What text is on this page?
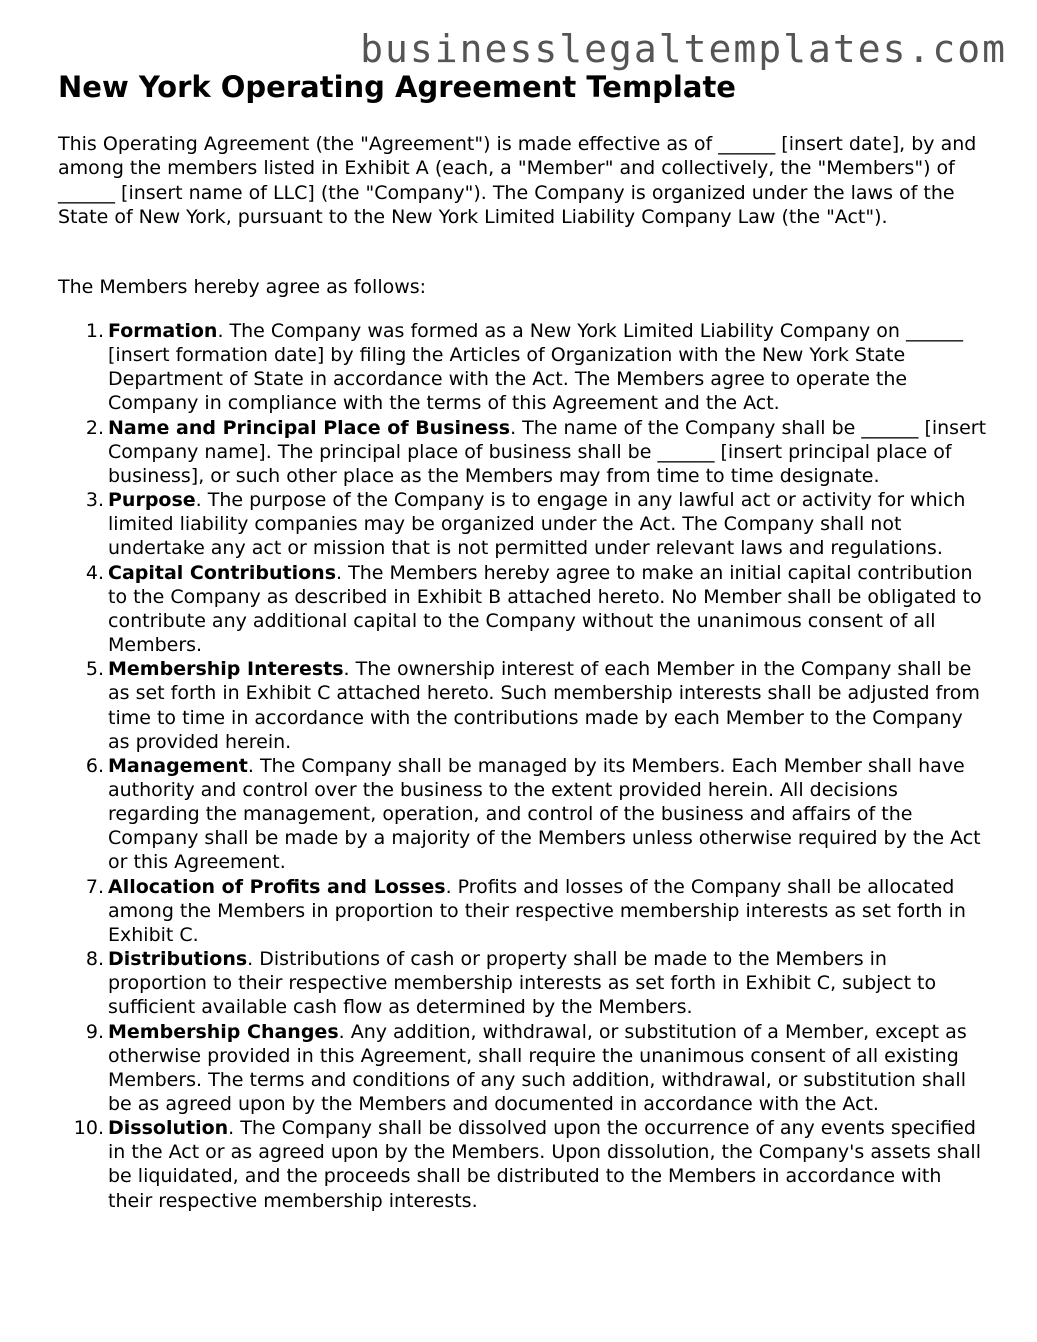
businesslegaltemplates.com
New York Operating Agreement Template

This Operating Agreement (the "Agreement") is made effective as of ______ [insert date], by and among the members listed in Exhibit A (each, a "Member" and collectively, the "Members") of ______ [insert name of LLC] (the "Company"). The Company is organized under the laws of the State of New York, pursuant to the New York Limited Liability Company Law (the "Act").

The Members hereby agree as follows:

1. Formation. The Company was formed as a New York Limited Liability Company on ______ [insert formation date] by filing the Articles of Organization with the New York State Department of State in accordance with the Act. The Members agree to operate the Company in compliance with the terms of this Agreement and the Act.
2. Name and Principal Place of Business. The name of the Company shall be ______ [insert Company name]. The principal place of business shall be ______ [insert principal place of business], or such other place as the Members may from time to time designate.
3. Purpose. The purpose of the Company is to engage in any lawful act or activity for which limited liability companies may be organized under the Act. The Company shall not undertake any act or mission that is not permitted under relevant laws and regulations.
4. Capital Contributions. The Members hereby agree to make an initial capital contribution to the Company as described in Exhibit B attached hereto. No Member shall be obligated to contribute any additional capital to the Company without the unanimous consent of all Members.
5. Membership Interests. The ownership interest of each Member in the Company shall be as set forth in Exhibit C attached hereto. Such membership interests shall be adjusted from time to time in accordance with the contributions made by each Member to the Company as provided herein.
6. Management. The Company shall be managed by its Members. Each Member shall have authority and control over the business to the extent provided herein. All decisions regarding the management, operation, and control of the business and affairs of the Company shall be made by a majority of the Members unless otherwise required by the Act or this Agreement.
7. Allocation of Profits and Losses. Profits and losses of the Company shall be allocated among the Members in proportion to their respective membership interests as set forth in Exhibit C.
8. Distributions. Distributions of cash or property shall be made to the Members in proportion to their respective membership interests as set forth in Exhibit C, subject to sufficient available cash flow as determined by the Members.
9. Membership Changes. Any addition, withdrawal, or substitution of a Member, except as otherwise provided in this Agreement, shall require the unanimous consent of all existing Members. The terms and conditions of any such addition, withdrawal, or substitution shall be as agreed upon by the Members and documented in accordance with the Act.
10. Dissolution. The Company shall be dissolved upon the occurrence of any events specified in the Act or as agreed upon by the Members. Upon dissolution, the Company's assets shall be liquidated, and the proceeds shall be distributed to the Members in accordance with their respective membership interests.
